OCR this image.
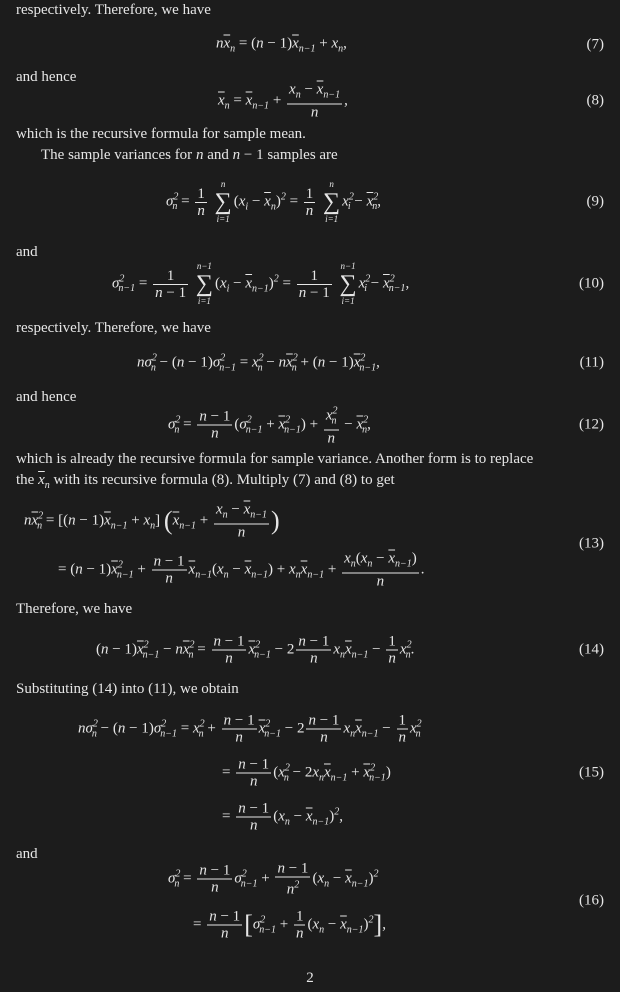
respectively. Therefore, we have
$n\overline{x}_n = (n - 1)\overline{x}_{n-1} + x_n$,	(7)
and hence
$\overline{x}_n = \overline{x}_{n-1} + \frac{x_n - \overline{x}_{n-1}}{n}$ ,	(8)
which is the recursive formula for sample mean.
The sample variances for n and n − 1 samples are
$\sigma^2_n = \frac{1}{n}$

n
∑
i=1
$(x_i - \overline{x}_n)^2 = \frac{1}{n}$

n
∑
i=1
$x^2_i - \overline{x}^2_n$,	(9)
and
$\sigma^2_{n-1} = \frac{1}{n - 1}$

n−1
∑
i=1
$(x_i - \overline{x}_{n-1})^2 = \frac{1}{n - 1}$

n−1
∑
i=1
$x^2_i - \overline{x}^2_{n-1}$,	(10)
respectively. Therefore, we have
$n\sigma^2_n - (n - 1)\sigma^2_{n-1} = x^2_n - n\overline{x}^2_n + (n - 1)\overline{x}^2_{n-1}$,	(11)
and hence
$\sigma^2_n = \frac{n - 1}{n} (\sigma^2_{n-1} + \overline{x}^2_{n-1}) + \frac{x^2_n}{n} - \overline{x}^2_n$,	(12)
which is already the recursive formula for sample variance. Another form is to replace
the $\overline{x}_n$ with its recursive formula (8). Multiply (7) and (8) to get
$n\overline{x}^2_n = [(n - 1)\overline{x}_{n-1} + x_n] (\overline{x}_{n-1} + \frac{x_n - \overline{x}_{n-1}}{n}$ )
(13)
= $(n - 1)\overline{x}^2_{n-1} + \frac{n - 1}{n} \overline{x}_{n-1}(x_n - \overline{x}_{n-1}) + x_n\overline{x}_{n-1} + \frac{x_n(x_n - \overline{x}_{n-1})}{n}$ .
Therefore, we have
$(n - 1)\overline{x}^2_{n-1} - n\overline{x}^2_n = \frac{n - 1}{n} \overline{x}^2_{n-1} - 2 \frac{n - 1}{n} x_n\overline{x}_{n-1} - \frac{1}{n} x^2_n$.	(14)
Substituting (14) into (11), we obtain
$n\sigma^2_n - (n - 1)\sigma^2_{n-1} = x^2_n + \frac{n - 1}{n} \overline{x}^2_{n-1} - 2 \frac{n - 1}{n} x_n\overline{x}_{n-1} - \frac{1}{n} x^2_n$
= $\frac{n - 1}{n} (x^2_n - 2x_n\overline{x}_{n-1} + \overline{x}^2_{n-1})$	(15)
= $\frac{n - 1}{n} (x_n - \overline{x}_{n-1})^2$,
and
$\sigma^2_n = \frac{n - 1}{n} \sigma^2_{n-1} + \frac{n - 1}{n^2} (x_n - \overline{x}_{n-1})^2$
(16)
= $\frac{n - 1}{n} [\sigma^2_{n-1} + \frac{1}{n} (x_n - \overline{x}_{n-1})^2]$,
2
